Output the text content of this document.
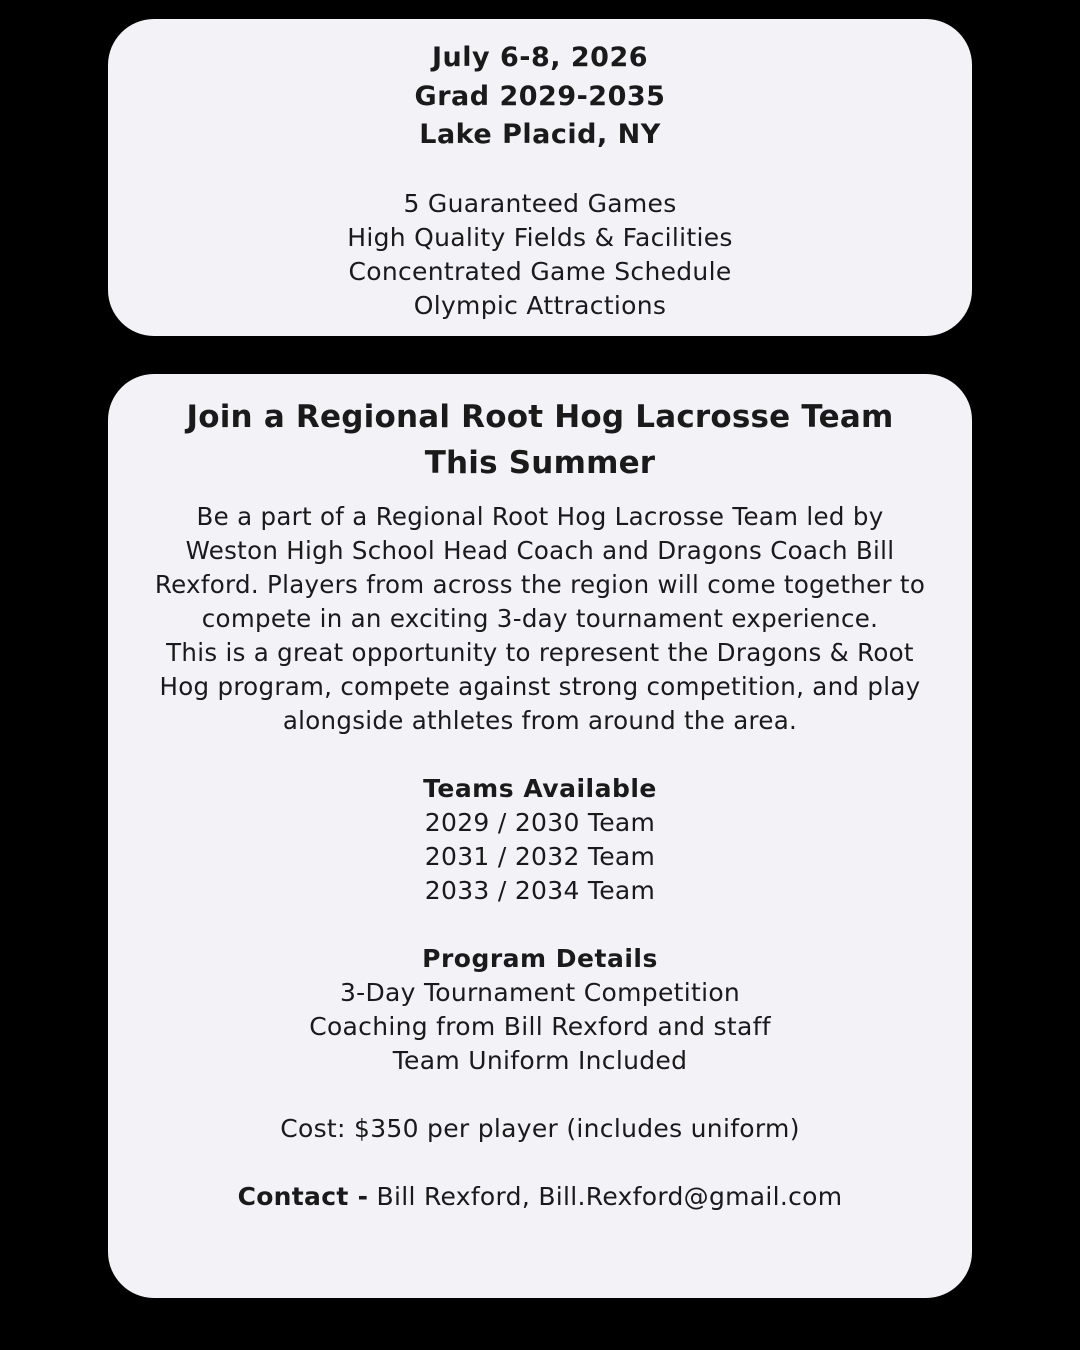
July 6-8, 2026
Grad 2029-2035
Lake Placid, NY
5 Guaranteed Games
High Quality Fields & Facilities
Concentrated Game Schedule
Olympic Attractions
Join a Regional Root Hog Lacrosse Team
This Summer
Be a part of a Regional Root Hog Lacrosse Team led by Weston High School Head Coach and Dragons Coach Bill Rexford. Players from across the region will come together to compete in an exciting 3-day tournament experience.
This is a great opportunity to represent the Dragons & Root Hog program, compete against strong competition, and play alongside athletes from around the area.
Teams Available
2029 / 2030 Team
2031 / 2032 Team
2033 / 2034 Team
Program Details
3-Day Tournament Competition
Coaching from Bill Rexford and staff
Team Uniform Included
Cost: $350 per player (includes uniform)
Contact - Bill Rexford, Bill.Rexford@gmail.com
